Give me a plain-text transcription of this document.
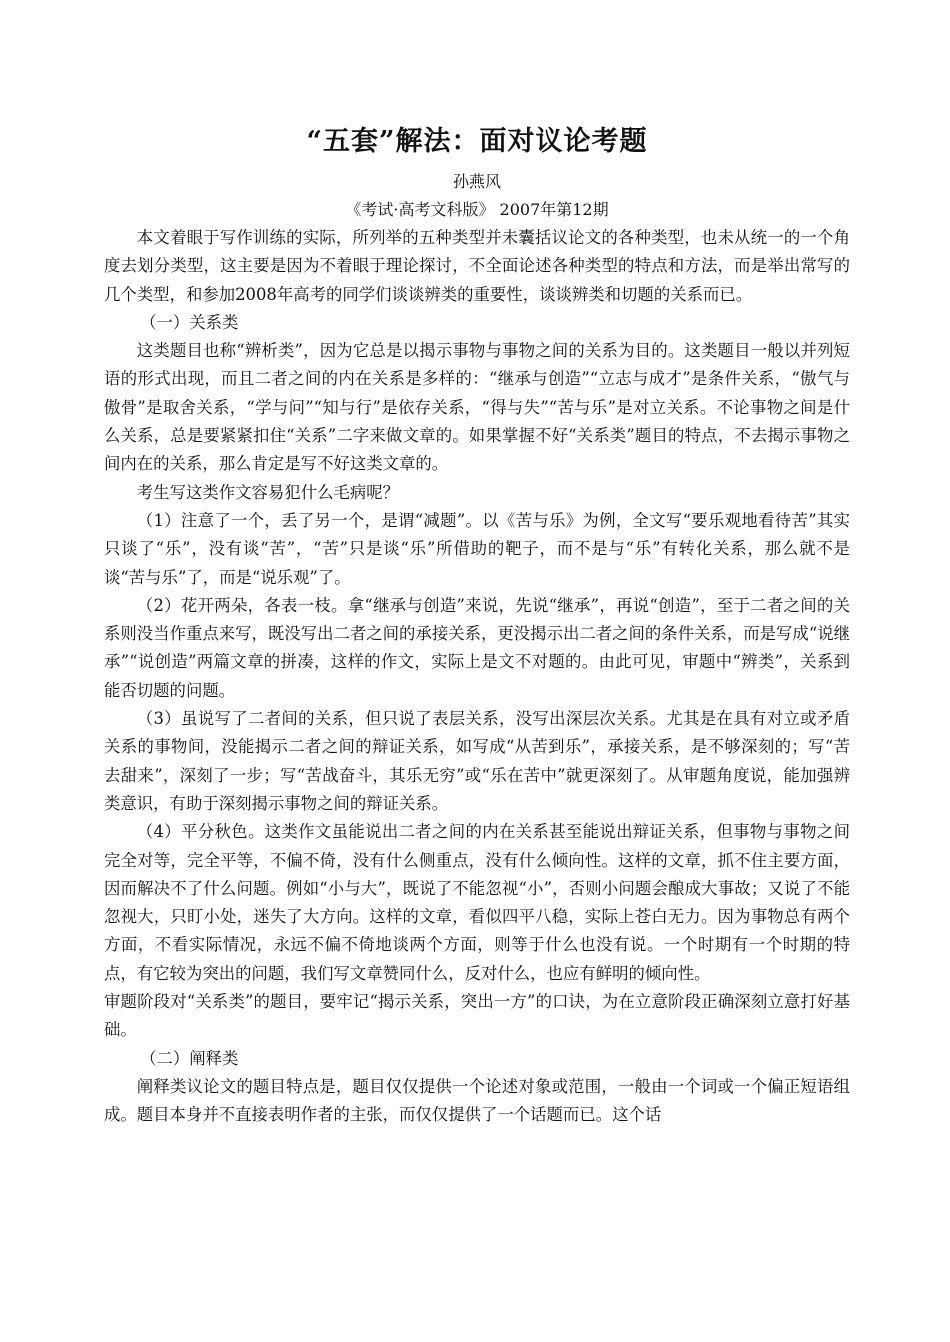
“五套”解法：面对议论考题

孙燕风

《考试·高考文科版》 2007年第12期

本文着眼于写作训练的实际，所列举的五种类型并未囊括议论文的各种类型，也未从统一的一个角度去划分类型，这主要是因为不着眼于理论探讨，不全面论述各种类型的特点和方法，而是举出常写的几个类型，和参加2008年高考的同学们谈谈辨类的重要性，谈谈辨类和切题的关系而已。

（一）关系类

这类题目也称“辨析类”，因为它总是以揭示事物与事物之间的关系为目的。这类题目一般以并列短语的形式出现，而且二者之间的内在关系是多样的：“继承与创造”“立志与成才”是条件关系，“傲气与傲骨”是取舍关系，“学与问”“知与行”是依存关系，“得与失”“苦与乐”是对立关系。不论事物之间是什么关系，总是要紧紧扣住“关系”二字来做文章的。如果掌握不好“关系类”题目的特点，不去揭示事物之间内在的关系，那么肯定是写不好这类文章的。

考生写这类作文容易犯什么毛病呢？

（1）注意了一个，丢了另一个，是谓“减题”。以《苦与乐》为例，全文写“要乐观地看待苦”其实只谈了“乐”，没有谈“苦”，“苦”只是谈“乐”所借助的靶子，而不是与“乐”有转化关系，那么就不是谈“苦与乐”了，而是“说乐观”了。

（2）花开两朵，各表一枝。拿“继承与创造”来说，先说“继承”，再说“创造”，至于二者之间的关系则没当作重点来写，既没写出二者之间的承接关系，更没揭示出二者之间的条件关系，而是写成“说继承”“说创造”两篇文章的拼凑，这样的作文，实际上是文不对题的。由此可见，审题中“辨类”，关系到能否切题的问题。

（3）虽说写了二者间的关系，但只说了表层关系，没写出深层次关系。尤其是在具有对立或矛盾关系的事物间，没能揭示二者之间的辩证关系，如写成“从苦到乐”，承接关系，是不够深刻的；写“苦去甜来”，深刻了一步；写“苦战奋斗，其乐无穷”或“乐在苦中”就更深刻了。从审题角度说，能加强辨类意识，有助于深刻揭示事物之间的辩证关系。

（4）平分秋色。这类作文虽能说出二者之间的内在关系甚至能说出辩证关系，但事物与事物之间完全对等，完全平等，不偏不倚，没有什么侧重点，没有什么倾向性。这样的文章，抓不住主要方面，因而解决不了什么问题。例如“小与大”，既说了不能忽视“小”，否则小问题会酿成大事故；又说了不能忽视大，只盯小处，迷失了大方向。这样的文章，看似四平八稳，实际上苍白无力。因为事物总有两个方面，不看实际情况，永远不偏不倚地谈两个方面，则等于什么也没有说。一个时期有一个时期的特点，有它较为突出的问题，我们写文章赞同什么，反对什么，也应有鲜明的倾向性。

审题阶段对“关系类”的题目，要牢记“揭示关系，突出一方”的口诀，为在立意阶段正确深刻立意打好基础。

（二）阐释类

阐释类议论文的题目特点是，题目仅仅提供一个论述对象或范围，一般由一个词或一个偏正短语组成。题目本身并不直接表明作者的主张，而仅仅提供了一个话题而已。这个话
